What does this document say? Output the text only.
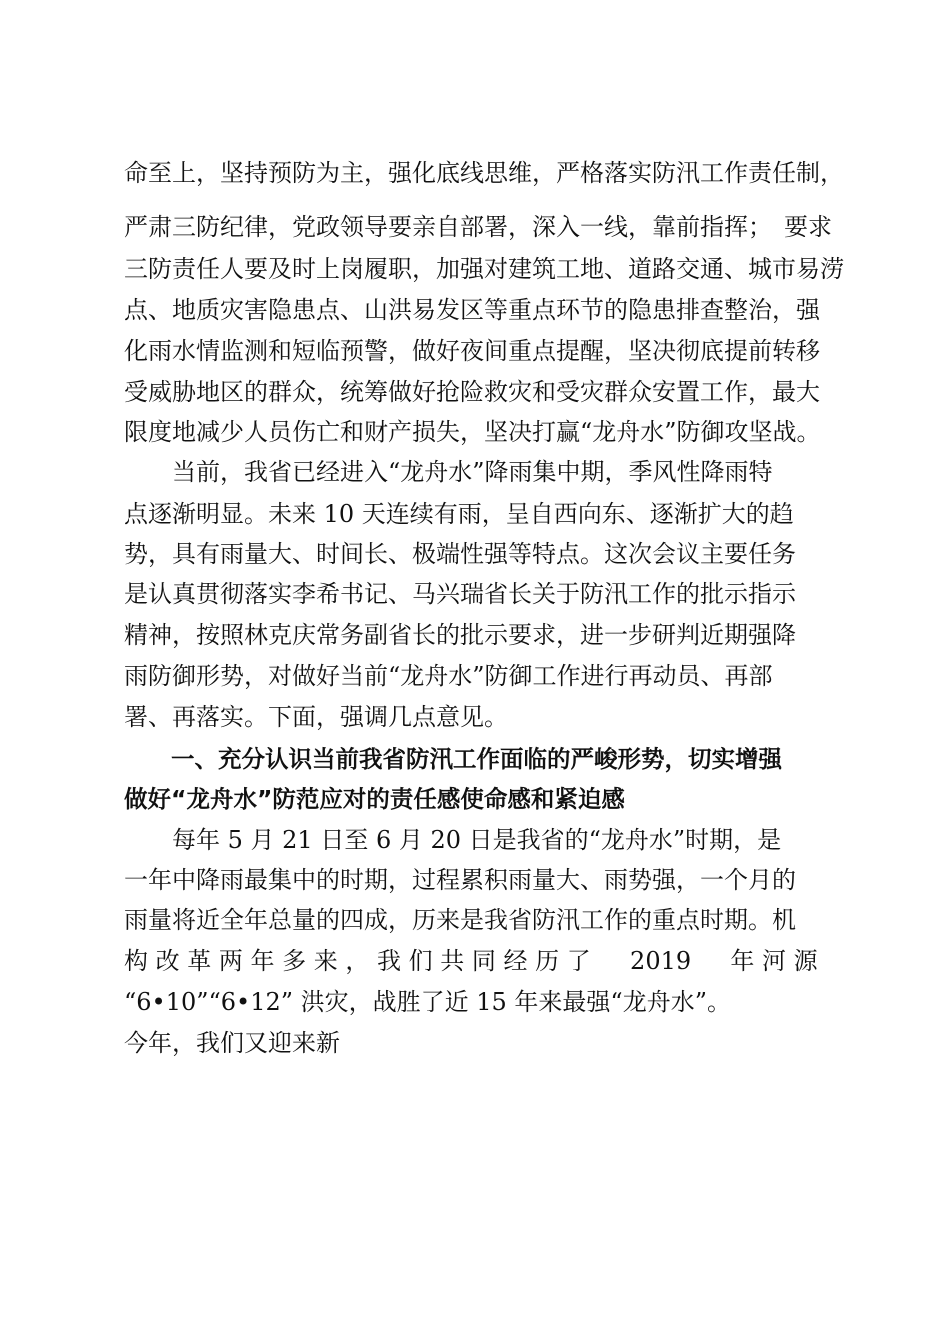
命至上，坚持预防为主，强化底线思维，严格落实防汛工作责任制，
严肃三防纪律，党政领导要亲自部署，深入一线，靠前指挥；　要求
三防责任人要及时上岗履职，加强对建筑工地、道路交通、城市易涝
点、地质灾害隐患点、山洪易发区等重点环节的隐患排查整治，强
化雨水情监测和短临预警，做好夜间重点提醒，坚决彻底提前转移
受威胁地区的群众，统筹做好抢险救灾和受灾群众安置工作，最大
限度地减少人员伤亡和财产损失，坚决打赢“龙舟水”防御攻坚战。
　　当前，我省已经进入“龙舟水”降雨集中期，季风性降雨特
点逐渐明显。未来 10 天连续有雨，呈自西向东、逐渐扩大的趋
势，具有雨量大、时间长、极端性强等特点。这次会议主要任务
是认真贯彻落实李希书记、马兴瑞省长关于防汛工作的批示指示
精神，按照林克庆常务副省长的批示要求，进一步研判近期强降
雨防御形势，对做好当前“龙舟水”防御工作进行再动员、再部
署、再落实。下面，强调几点意见。
　　一、充分认识当前我省防汛工作面临的严峻形势，切实增强
做好“龙舟水”防范应对的责任感使命感和紧迫感
　　每年 5 月 21 日至 6 月 20 日是我省的“龙舟水”时期，是
一年中降雨最集中的时期，过程累积雨量大、雨势强，一个月的
雨量将近全年总量的四成，历来是我省防汛工作的重点时期。机
构 改 革 两 年 多 来 ， 我 们 共 同 经 历 了 　 2019 　 年 河 源
“6•10”“6•12” 洪灾，战胜了近 15 年来最强“龙舟水”。
今年，我们又迎来新
